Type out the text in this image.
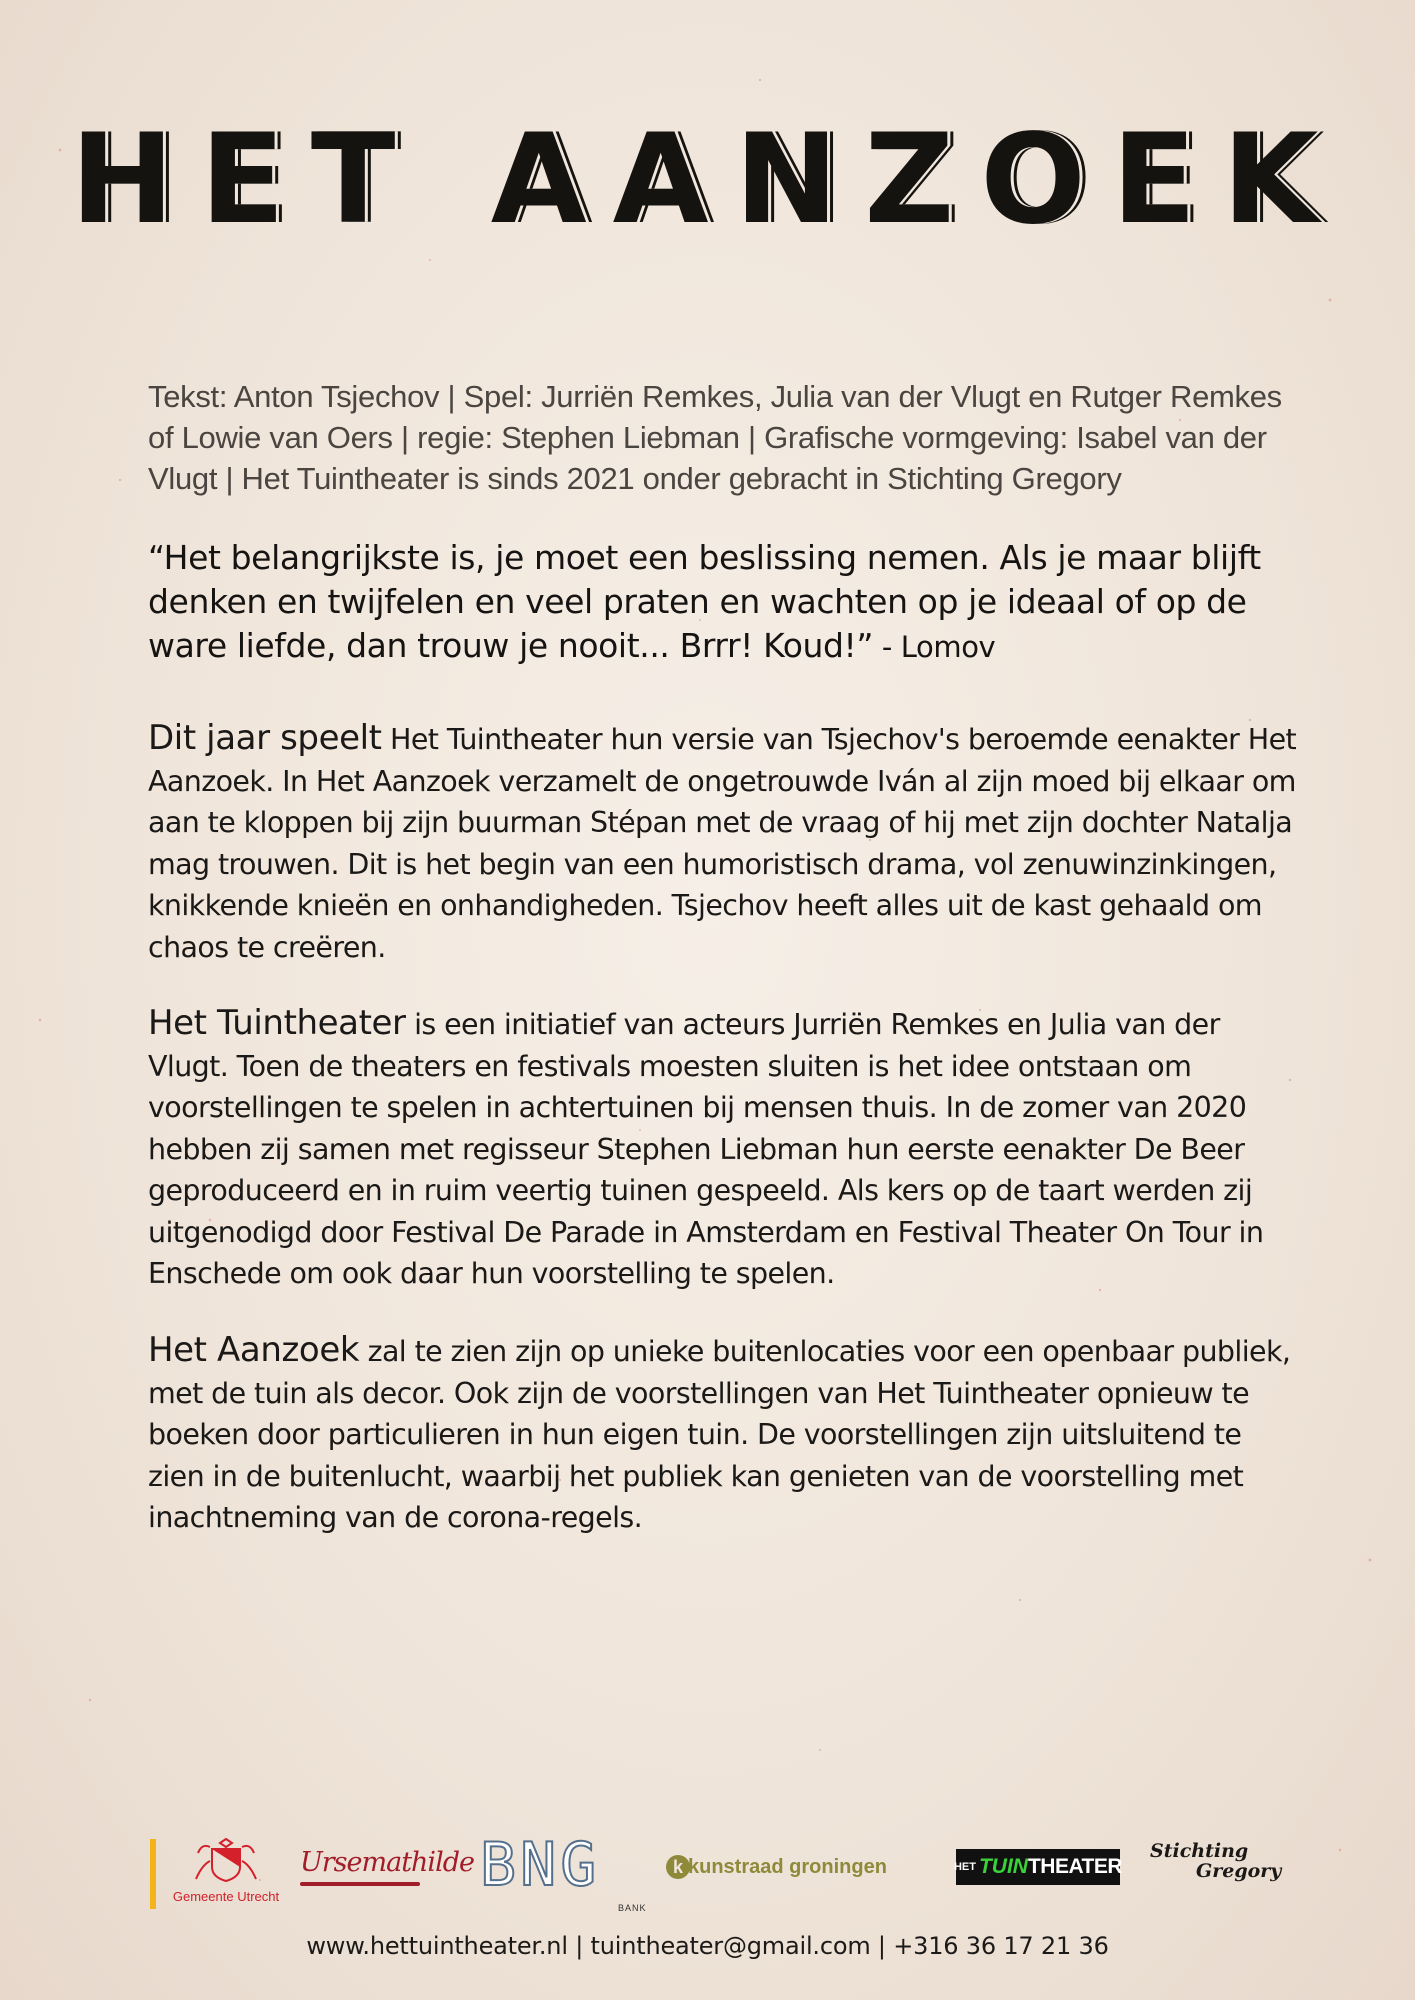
HET AANZOEK
Tekst: Anton Tsjechov | Spel: Jurriën Remkes, Julia van der Vlugt en Rutger Remkes of Lowie van Oers | regie: Stephen Liebman | Grafische vormgeving: Isabel van der Vlugt | Het Tuintheater is sinds 2021 onder gebracht in Stichting Gregory
“Het belangrijkste is, je moet een beslissing nemen. Als je maar blijft denken en twijfelen en veel praten en wachten op je ideaal of op de ware liefde, dan trouw je nooit... Brrr! Koud!” - Lomov
Dit jaar speelt Het Tuintheater hun versie van Tsjechov's beroemde eenakter Het Aanzoek. In Het Aanzoek verzamelt de ongetrouwde Iván al zijn moed bij elkaar om aan te kloppen bij zijn buurman Stépan met de vraag of hij met zijn dochter Natalja mag trouwen. Dit is het begin van een humoristisch drama, vol zenuwinzinkingen, knikkende knieën en onhandigheden. Tsjechov heeft alles uit de kast gehaald om chaos te creëren.
Het Tuintheater is een initiatief van acteurs Jurriën Remkes en Julia van der Vlugt. Toen de theaters en festivals moesten sluiten is het idee ontstaan om voorstellingen te spelen in achtertuinen bij mensen thuis. In de zomer van 2020 hebben zij samen met regisseur Stephen Liebman hun eerste eenakter De Beer geproduceerd en in ruim veertig tuinen gespeeld. Als kers op de taart werden zij uitgenodigd door Festival De Parade in Amsterdam en Festival Theater On Tour in Enschede om ook daar hun voorstelling te spelen.
Het Aanzoek zal te zien zijn op unieke buitenlocaties voor een openbaar publiek, met de tuin als decor. Ook zijn de voorstellingen van Het Tuintheater opnieuw te boeken door particulieren in hun eigen tuin. De voorstellingen zijn uitsluitend te zien in de buitenlucht, waarbij het publiek kan genieten van de voorstelling met inachtneming van de corona-regels.
Gemeente Utrecht
Ursemathilde BNG
BANK
k kunstraad groningen	HET TUIN THEATER
Stichting
Gregory
www.hettuintheater.nl | tuintheater@gmail.com | +316 36 17 21 36
